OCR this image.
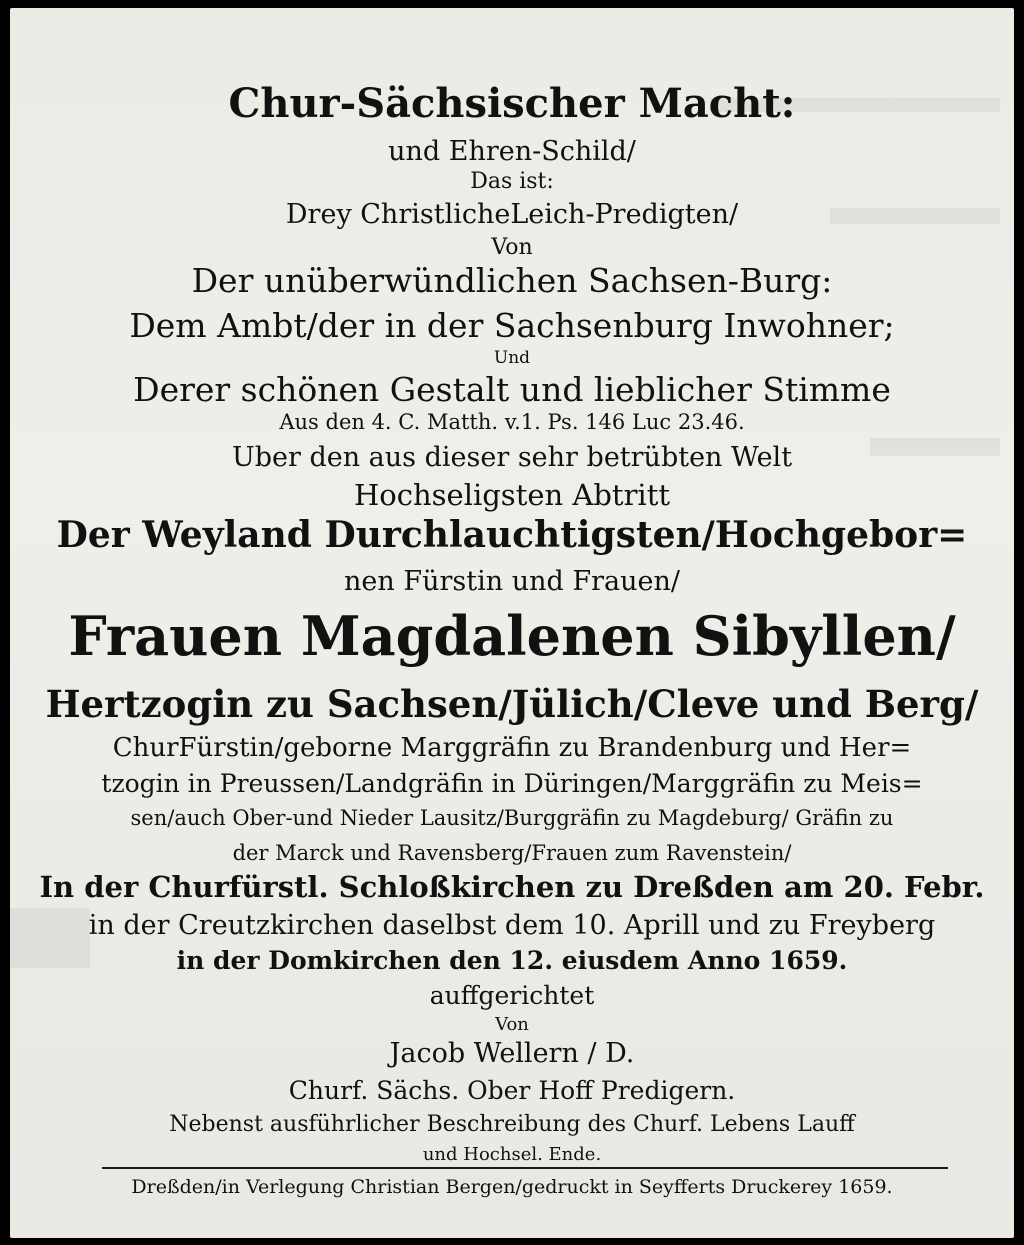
Chur-Sächsischer Macht:
und Ehren-Schild/
Das ist:
Drey ChristlicheLeich-Predigten/
Von
Der unüberwündlichen Sachsen-Burg:
Dem Ambt/der in der Sachsenburg Inwohner;
Und
Derer schönen Gestalt und lieblicher Stimme
Aus den 4. C. Matth. v.1. Ps. 146 Luc 23.46.
Uber den aus dieser sehr betrübten Welt
Hochseligsten Abtritt
Der Weyland Durchlauchtigsten/Hochgebor=
nen Fürstin und Frauen/
Frauen Magdalenen Sibyllen/
Hertzogin zu Sachsen/Jülich/Cleve und Berg/
ChurFürstin/geborne Marggräfin zu Brandenburg und Her=
tzogin in Preussen/Landgräfin in Düringen/Marggräfin zu Meis=
sen/auch Ober-und Nieder Lausitz/Burggräfin zu Magdeburg/ Gräfin zu
der Marck und Ravensberg/Frauen zum Ravenstein/
In der Churfürstl. Schloßkirchen zu Dreßden am 20. Febr.
in der Creutzkirchen daselbst dem 10. Aprill und zu Freyberg
in der Domkirchen den 12. eiusdem Anno 1659.
auffgerichtet
Von
Jacob Wellern / D.
Churf. Sächs. Ober Hoff Predigern.
Nebenst ausführlicher Beschreibung des Churf. Lebens Lauff
und Hochsel. Ende.
Dreßden/in Verlegung Christian Bergen/gedruckt in Seyfferts Druckerey 1659.
